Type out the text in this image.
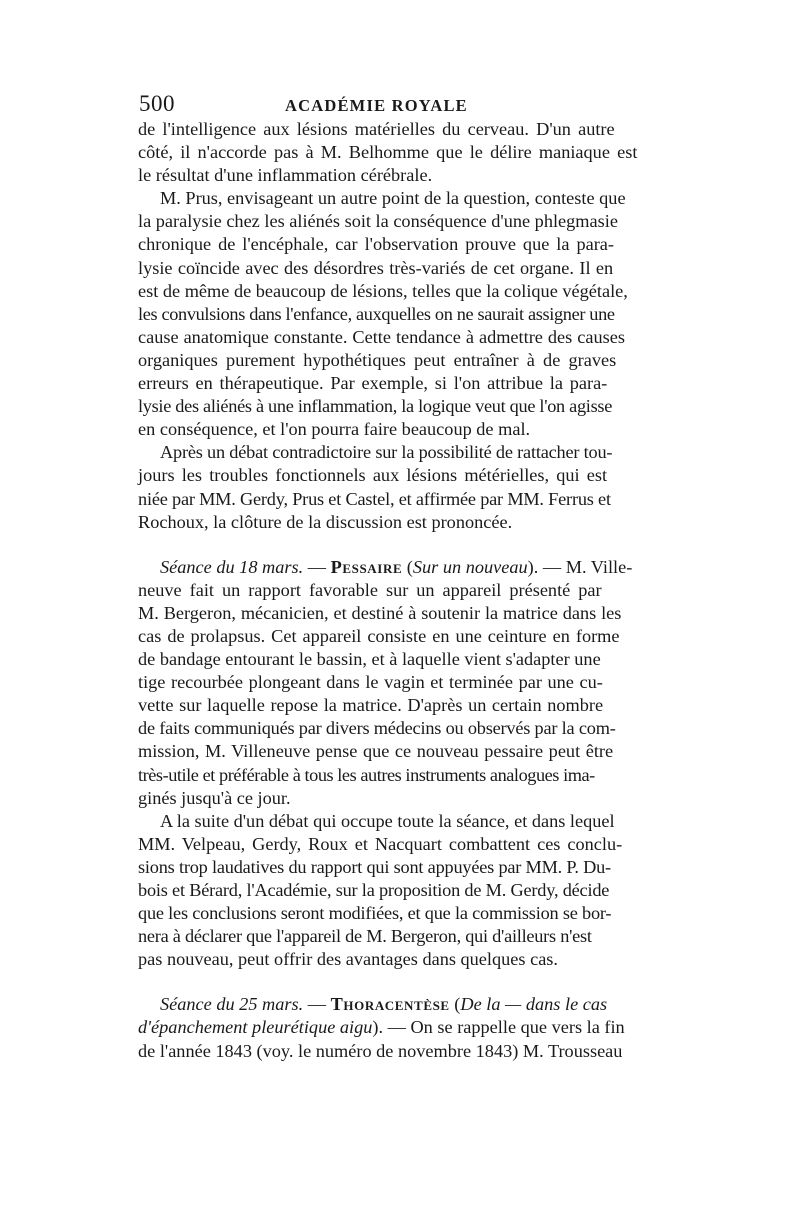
500	ACADÉMIE ROYALE
de l'intelligence aux lésions matérielles du cerveau. D'un autre
côté, il n'accorde pas à M. Belhomme que le délire maniaque est
le résultat d'une inflammation cérébrale.
M. Prus, envisageant un autre point de la question, conteste que
la paralysie chez les aliénés soit la conséquence d'une phlegmasie
chronique de l'encéphale, car l'observation prouve que la para-
lysie coïncide avec des désordres très-variés de cet organe. Il en
est de même de beaucoup de lésions, telles que la colique végétale,
les convulsions dans l'enfance, auxquelles on ne saurait assigner une
cause anatomique constante. Cette tendance à admettre des causes
organiques purement hypothétiques peut entraîner à de graves
erreurs en thérapeutique. Par exemple, si l'on attribue la para-
lysie des aliénés à une inflammation, la logique veut que l'on agisse
en conséquence, et l'on pourra faire beaucoup de mal.
Après un débat contradictoire sur la possibilité de rattacher tou-
jours les troubles fonctionnels aux lésions métérielles, qui est
niée par MM. Gerdy, Prus et Castel, et affirmée par MM. Ferrus et
Rochoux, la clôture de la discussion est prononcée.
Séance du 18 mars. — Pessaire (Sur un nouveau). — M. Ville-
neuve fait un rapport favorable sur un appareil présenté par
M. Bergeron, mécanicien, et destiné à soutenir la matrice dans les
cas de prolapsus. Cet appareil consiste en une ceinture en forme
de bandage entourant le bassin, et à laquelle vient s'adapter une
tige recourbée plongeant dans le vagin et terminée par une cu-
vette sur laquelle repose la matrice. D'après un certain nombre
de faits communiqués par divers médecins ou observés par la com-
mission, M. Villeneuve pense que ce nouveau pessaire peut être
très-utile et préférable à tous les autres instruments analogues ima-
ginés jusqu'à ce jour.
A la suite d'un débat qui occupe toute la séance, et dans lequel
MM. Velpeau, Gerdy, Roux et Nacquart combattent ces conclu-
sions trop laudatives du rapport qui sont appuyées par MM. P. Du-
bois et Bérard, l'Académie, sur la proposition de M. Gerdy, décide
que les conclusions seront modifiées, et que la commission se bor-
nera à déclarer que l'appareil de M. Bergeron, qui d'ailleurs n'est
pas nouveau, peut offrir des avantages dans quelques cas.
Séance du 25 mars. — Thoracentèse (De la — dans le cas
d'épanchement pleurétique aigu). — On se rappelle que vers la fin
de l'année 1843 (voy. le numéro de novembre 1843) M. Trousseau
